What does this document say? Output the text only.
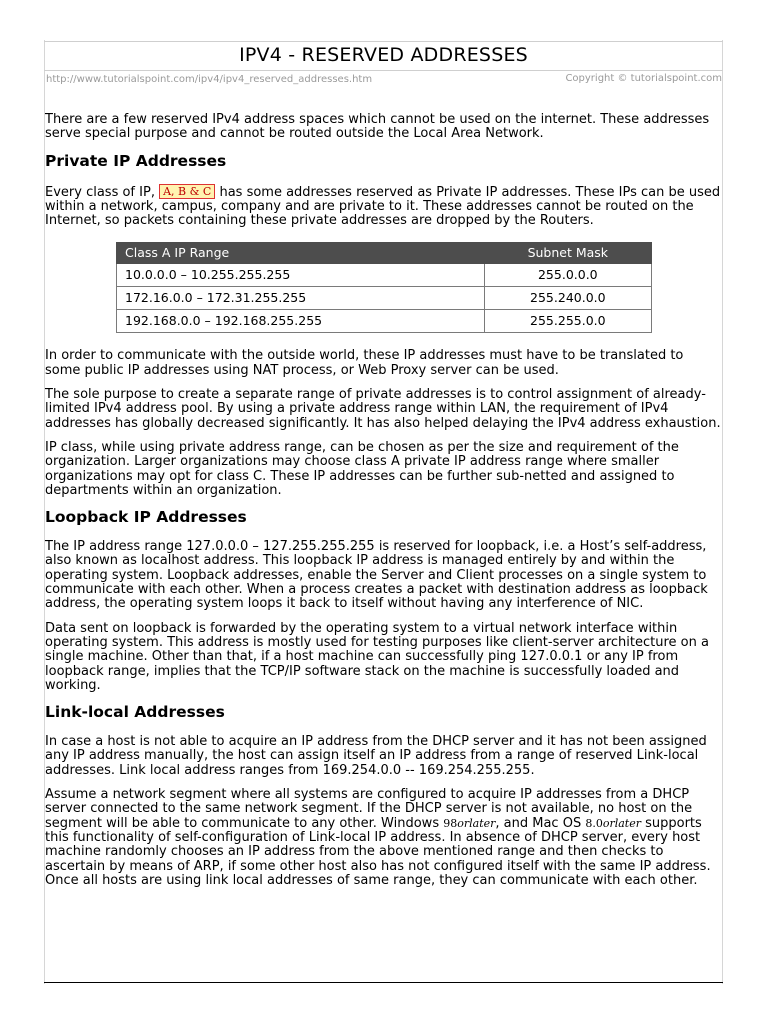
IPV4 - RESERVED ADDRESSES
http://www.tutorialspoint.com/ipv4/ipv4_reserved_addresses.htm	Copyright © tutorialspoint.com

There are a few reserved IPv4 address spaces which cannot be used on the internet. These addresses serve special purpose and cannot be routed outside the Local Area Network.

Private IP Addresses

Every class of IP, A, B & C has some addresses reserved as Private IP addresses. These IPs can be used within a network, campus, company and are private to it. These addresses cannot be routed on the Internet, so packets containing these private addresses are dropped by the Routers.

Class A IP Range	Subnet Mask
10.0.0.0 – 10.255.255.255	255.0.0.0
172.16.0.0 – 172.31.255.255	255.240.0.0
192.168.0.0 – 192.168.255.255	255.255.0.0

In order to communicate with the outside world, these IP addresses must have to be translated to some public IP addresses using NAT process, or Web Proxy server can be used.

The sole purpose to create a separate range of private addresses is to control assignment of already-limited IPv4 address pool. By using a private address range within LAN, the requirement of IPv4 addresses has globally decreased significantly. It has also helped delaying the IPv4 address exhaustion.

IP class, while using private address range, can be chosen as per the size and requirement of the organization. Larger organizations may choose class A private IP address range where smaller organizations may opt for class C. These IP addresses can be further sub-netted and assigned to departments within an organization.

Loopback IP Addresses

The IP address range 127.0.0.0 – 127.255.255.255 is reserved for loopback, i.e. a Host’s self-address, also known as localhost address. This loopback IP address is managed entirely by and within the operating system. Loopback addresses, enable the Server and Client processes on a single system to communicate with each other. When a process creates a packet with destination address as loopback address, the operating system loops it back to itself without having any interference of NIC.

Data sent on loopback is forwarded by the operating system to a virtual network interface within operating system. This address is mostly used for testing purposes like client-server architecture on a single machine. Other than that, if a host machine can successfully ping 127.0.0.1 or any IP from loopback range, implies that the TCP/IP software stack on the machine is successfully loaded and working.

Link-local Addresses

In case a host is not able to acquire an IP address from the DHCP server and it has not been assigned any IP address manually, the host can assign itself an IP address from a range of reserved Link-local addresses. Link local address ranges from 169.254.0.0 -- 169.254.255.255.

Assume a network segment where all systems are configured to acquire IP addresses from a DHCP server connected to the same network segment. If the DHCP server is not available, no host on the segment will be able to communicate to any other. Windows 98orlater, and Mac OS 8.0orlater supports this functionality of self-configuration of Link-local IP address. In absence of DHCP server, every host machine randomly chooses an IP address from the above mentioned range and then checks to ascertain by means of ARP, if some other host also has not configured itself with the same IP address. Once all hosts are using link local addresses of same range, they can communicate with each other.
